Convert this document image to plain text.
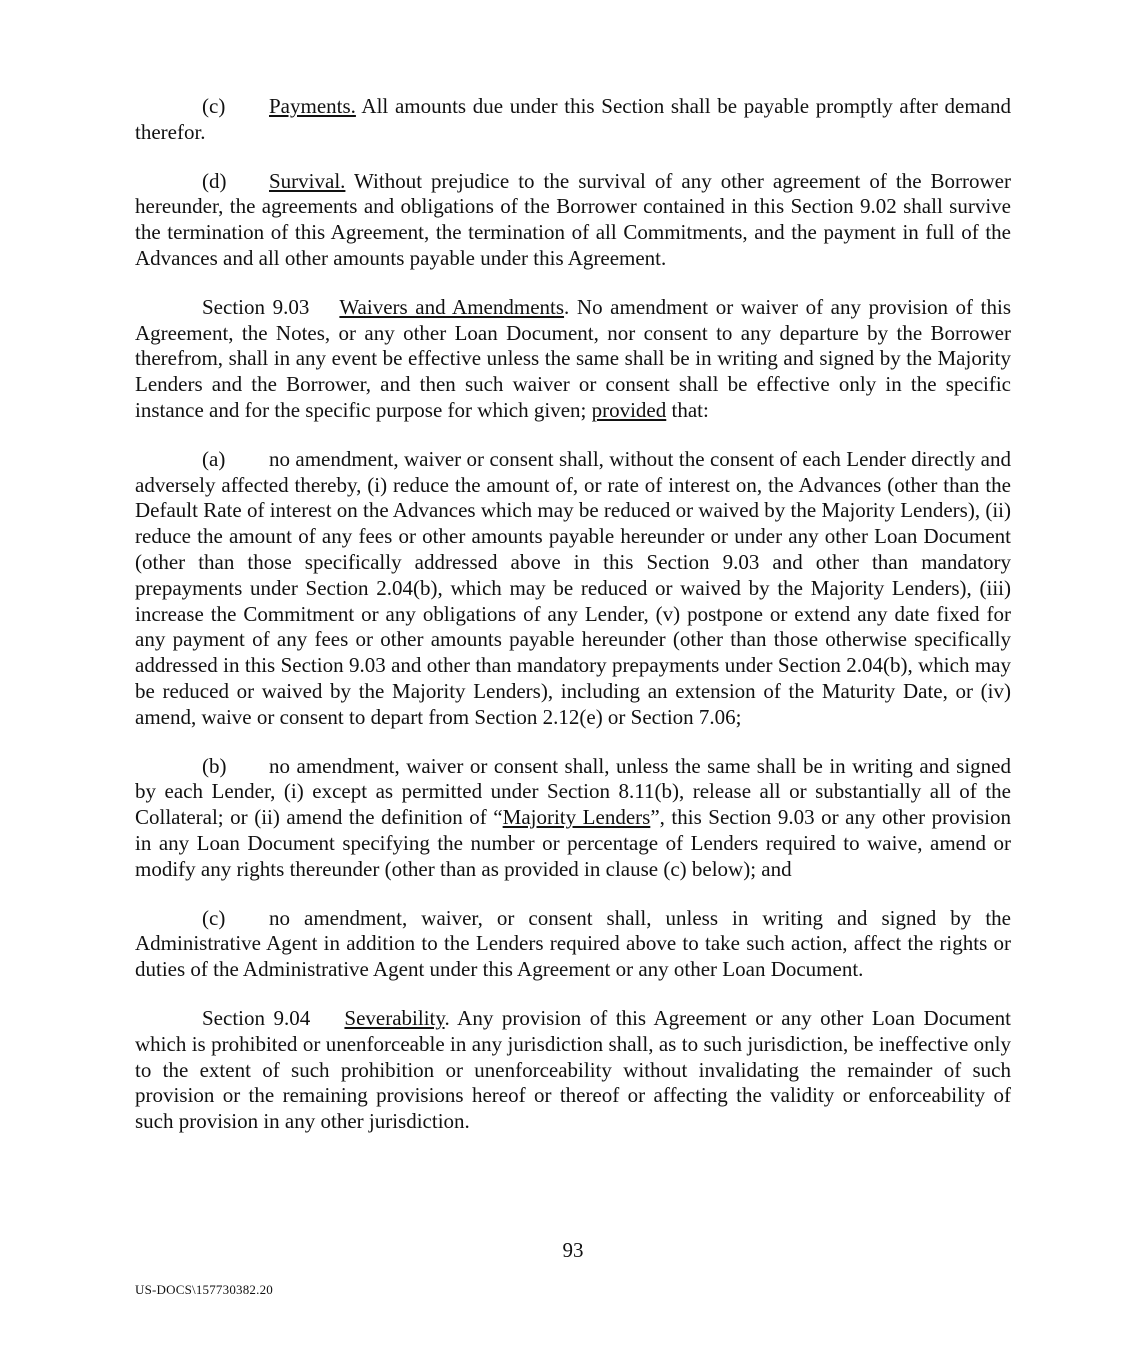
(c) Payments. All amounts due under this Section shall be payable promptly after demand therefor.

(d) Survival. Without prejudice to the survival of any other agreement of the Borrower hereunder, the agreements and obligations of the Borrower contained in this Section 9.02 shall survive the termination of this Agreement, the termination of all Commitments, and the payment in full of the Advances and all other amounts payable under this Agreement.

Section 9.03 Waivers and Amendments. No amendment or waiver of any provision of this Agreement, the Notes, or any other Loan Document, nor consent to any departure by the Borrower therefrom, shall in any event be effective unless the same shall be in writing and signed by the Majority Lenders and the Borrower, and then such waiver or consent shall be effective only in the specific instance and for the specific purpose for which given; provided that:

(a) no amendment, waiver or consent shall, without the consent of each Lender directly and adversely affected thereby, (i) reduce the amount of, or rate of interest on, the Advances (other than the Default Rate of interest on the Advances which may be reduced or waived by the Majority Lenders), (ii) reduce the amount of any fees or other amounts payable hereunder or under any other Loan Document (other than those specifically addressed above in this Section 9.03 and other than mandatory prepayments under Section 2.04(b), which may be reduced or waived by the Majority Lenders), (iii) increase the Commitment or any obligations of any Lender, (v) postpone or extend any date fixed for any payment of any fees or other amounts payable hereunder (other than those otherwise specifically addressed in this Section 9.03 and other than mandatory prepayments under Section 2.04(b), which may be reduced or waived by the Majority Lenders), including an extension of the Maturity Date, or (iv) amend, waive or consent to depart from Section 2.12(e) or Section 7.06;

(b) no amendment, waiver or consent shall, unless the same shall be in writing and signed by each Lender, (i) except as permitted under Section 8.11(b), release all or substantially all of the Collateral; or (ii) amend the definition of “Majority Lenders”, this Section 9.03 or any other provision in any Loan Document specifying the number or percentage of Lenders required to waive, amend or modify any rights thereunder (other than as provided in clause (c) below); and

(c) no amendment, waiver, or consent shall, unless in writing and signed by the Administrative Agent in addition to the Lenders required above to take such action, affect the rights or duties of the Administrative Agent under this Agreement or any other Loan Document.

Section 9.04 Severability. Any provision of this Agreement or any other Loan Document which is prohibited or unenforceable in any jurisdiction shall, as to such jurisdiction, be ineffective only to the extent of such prohibition or unenforceability without invalidating the remainder of such provision or the remaining provisions hereof or thereof or affecting the validity or enforceability of such provision in any other jurisdiction.

93
US-DOCS\157730382.20
